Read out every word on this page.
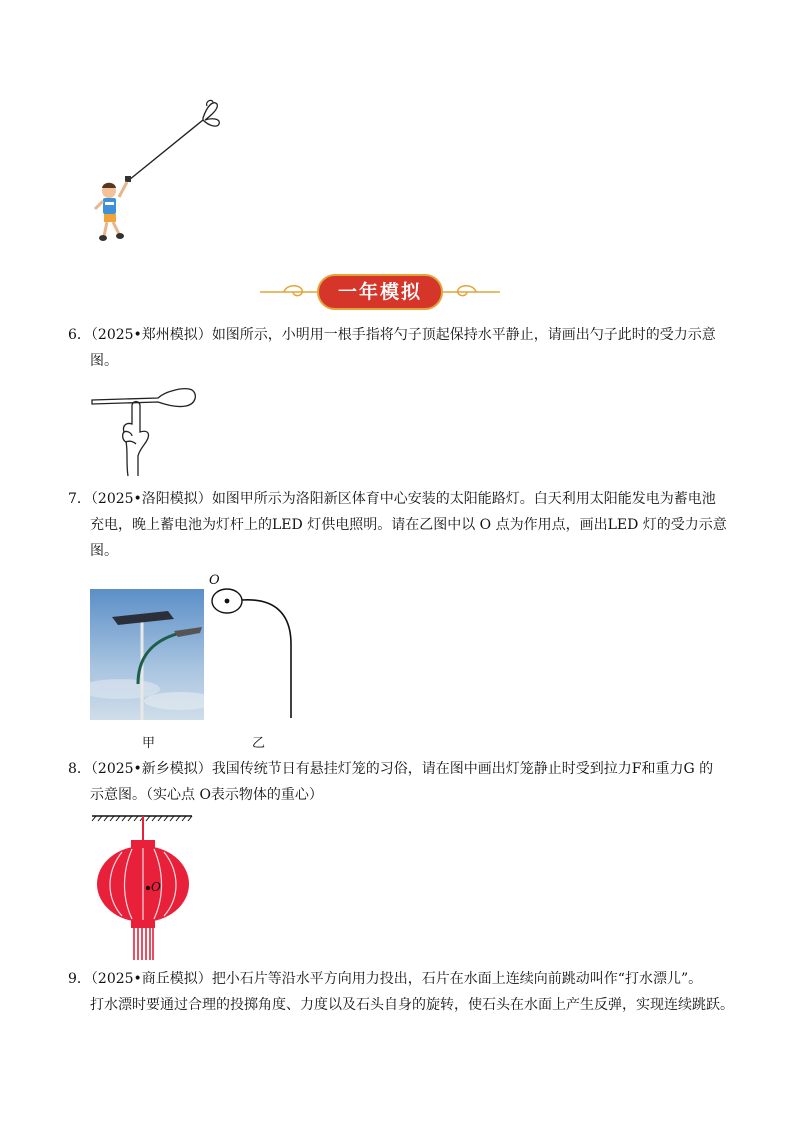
一年模拟
6．（2025•郑州模拟）如图所示，小明用一根手指将勺子顶起保持水平静止，请画出勺子此时的受力示意
图。
7．（2025•洛阳模拟）如图甲所示为洛阳新区体育中心安装的太阳能路灯。白天利用太阳能发电为蓄电池
充电，晚上蓄电池为灯杆上的LED 灯供电照明。请在乙图中以 O 点为作用点，画出LED 灯的受力示意
图。
甲
O
乙
8．（2025•新乡模拟）我国传统节日有悬挂灯笼的习俗，请在图中画出灯笼静止时受到拉力F和重力G 的
示意图。（实心点 O表示物体的重心）
O
9．（2025•商丘模拟）把小石片等沿水平方向用力投出，石片在水面上连续向前跳动叫作“打水漂儿”。
打水漂时要通过合理的投掷角度、力度以及石头自身的旋转，使石头在水面上产生反弹，实现连续跳跃。
